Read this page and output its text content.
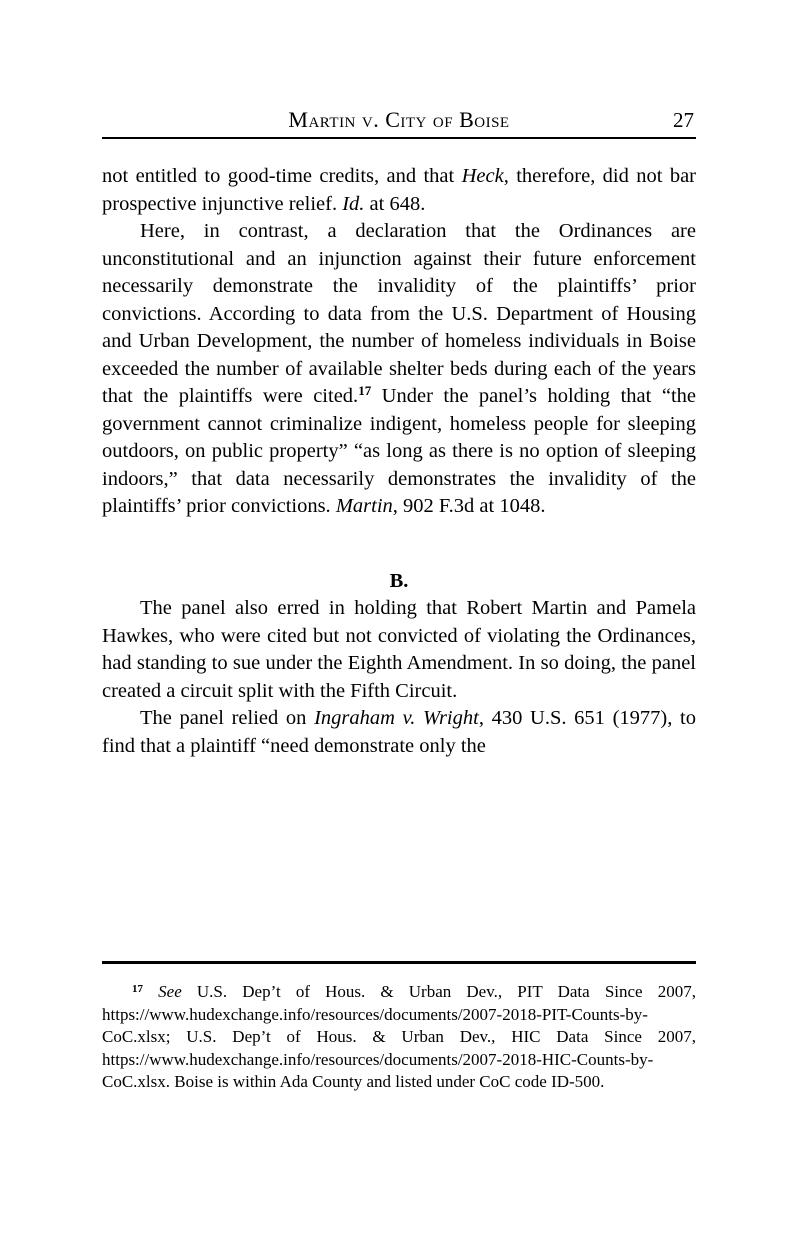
Martin v. City of Boise	27

not entitled to good-time credits, and that Heck, therefore, did not bar prospective injunctive relief. Id. at 648.

Here, in contrast, a declaration that the Ordinances are unconstitutional and an injunction against their future enforcement necessarily demonstrate the invalidity of the plaintiffs’ prior convictions. According to data from the U.S. Department of Housing and Urban Development, the number of homeless individuals in Boise exceeded the number of available shelter beds during each of the years that the plaintiffs were cited.$^{17}$ Under the panel’s holding that “the government cannot criminalize indigent, homeless people for sleeping outdoors, on public property” “as long as there is no option of sleeping indoors,” that data necessarily demonstrates the invalidity of the plaintiffs’ prior convictions. Martin, 902 F.3d at 1048.

B.

The panel also erred in holding that Robert Martin and Pamela Hawkes, who were cited but not convicted of violating the Ordinances, had standing to sue under the Eighth Amendment. In so doing, the panel created a circuit split with the Fifth Circuit.

The panel relied on Ingraham v. Wright, 430 U.S. 651 (1977), to find that a plaintiff “need demonstrate only the

$^{17}$ See U.S. Dep’t of Hous. & Urban Dev., PIT Data Since 2007, https://www.hudexchange.info/resources/documents/2007-2018-PIT-Counts-by-CoC.xlsx; U.S. Dep’t of Hous. & Urban Dev., HIC Data Since 2007, https://www.hudexchange.info/resources/documents/2007-2018-HIC-Counts-by-CoC.xlsx. Boise is within Ada County and listed under CoC code ID-500.
